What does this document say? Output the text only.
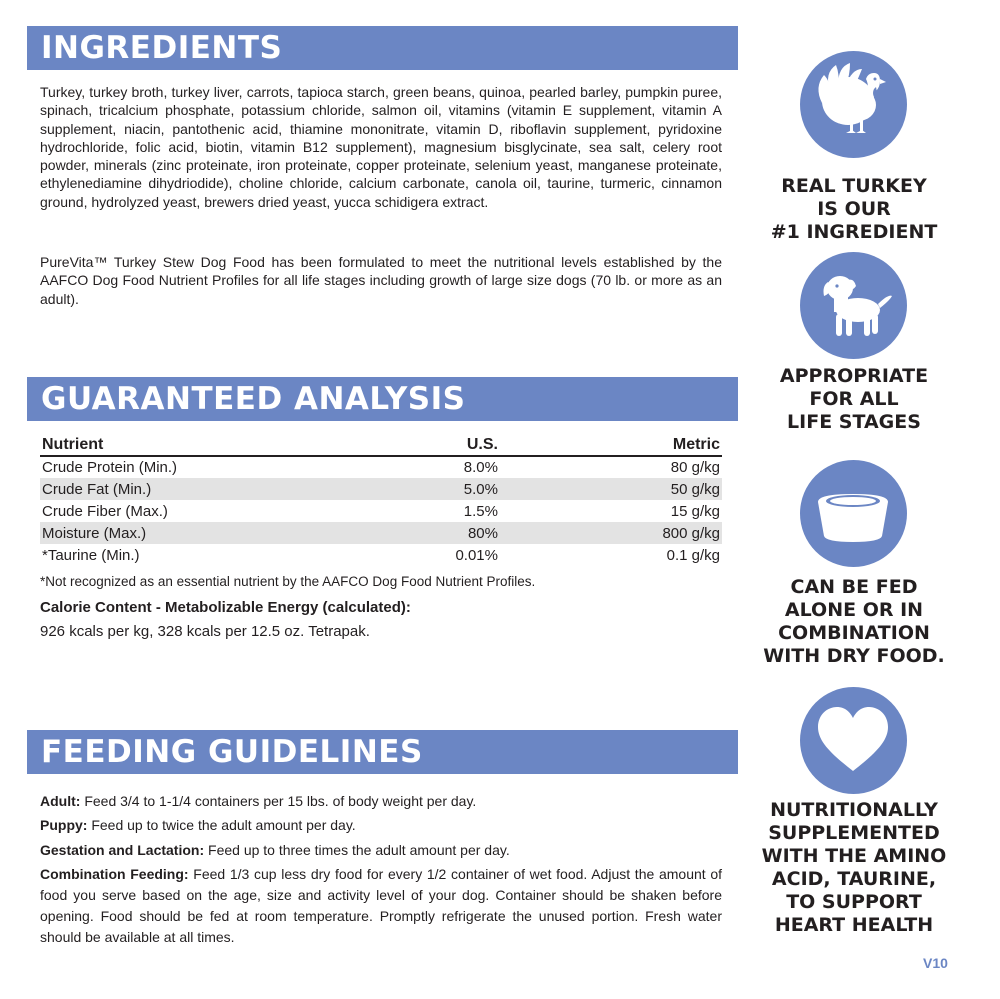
INGREDIENTS

Turkey, turkey broth, turkey liver, carrots, tapioca starch, green beans, quinoa, pearled barley, pumpkin puree, spinach, tricalcium phosphate, potassium chloride, salmon oil, vitamins (vitamin E supplement, vitamin A supplement, niacin, pantothenic acid, thiamine mononitrate, vitamin D, riboflavin supplement, pyridoxine hydrochloride, folic acid, biotin, vitamin B12 supplement), magnesium bisglycinate, sea salt, celery root powder, minerals (zinc proteinate, iron proteinate, copper proteinate, selenium yeast, manganese proteinate, ethylenediamine dihydriodide), choline chloride, calcium carbonate, canola oil, taurine, turmeric, cinnamon ground, hydrolyzed yeast, brewers dried yeast, yucca schidigera extract.

PureVita™ Turkey Stew Dog Food has been formulated to meet the nutritional levels established by the AAFCO Dog Food Nutrient Profiles for all life stages including growth of large size dogs (70 lb. or more as an adult).

GUARANTEED ANALYSIS
Nutrient	U.S.	Metric
Crude Protein (Min.)	8.0%	80 g/kg
Crude Fat (Min.)	5.0%	50 g/kg
Crude Fiber (Max.)	1.5%	15 g/kg
Moisture (Max.)	80%	800 g/kg
*Taurine (Min.)	0.01%	0.1 g/kg
*Not recognized as an essential nutrient by the AAFCO Dog Food Nutrient Profiles.
Calorie Content - Metabolizable Energy (calculated):
926 kcals per kg, 328 kcals per 12.5 oz. Tetrapak.
FEEDING GUIDELINES

Adult: Feed 3/4 to 1-1/4 containers per 15 lbs. of body weight per day.

Puppy: Feed up to twice the adult amount per day.

Gestation and Lactation: Feed up to three times the adult amount per day.

Combination Feeding: Feed 1/3 cup less dry food for every 1/2 container of wet food. Adjust the amount of food you serve based on the age, size and activity level of your dog. Container should be shaken before opening. Food should be fed at room temperature. Promptly refrigerate the unused portion. Fresh water should be available at all times.

REAL TURKEY
IS OUR
#1 INGREDIENT
APPROPRIATE
FOR ALL
LIFE STAGES
CAN BE FED
ALONE OR IN
COMBINATION
WITH DRY FOOD.
NUTRITIONALLY
SUPPLEMENTED
WITH THE AMINO
ACID, TAURINE,
TO SUPPORT
HEART HEALTH
V10
